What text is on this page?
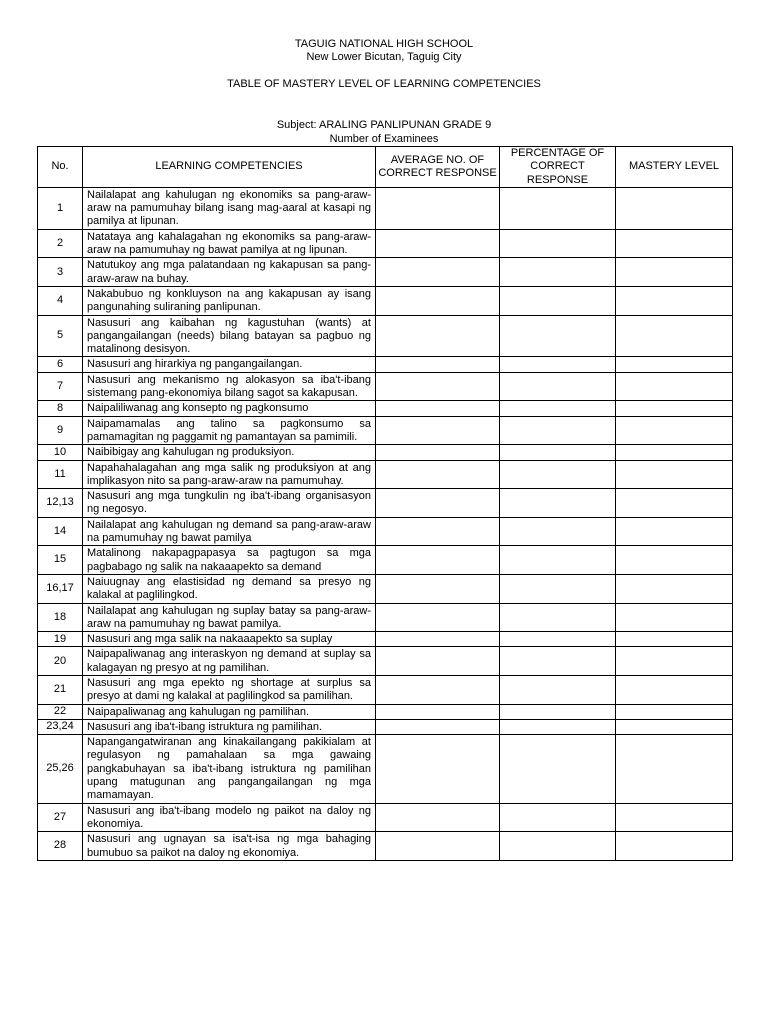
TAGUIG NATIONAL HIGH SCHOOL
New Lower Bicutan, Taguig City
TABLE OF MASTERY LEVEL OF LEARNING COMPETENCIES
Subject: ARALING PANLIPUNAN GRADE 9
Number of Examinees
No.	LEARNING COMPETENCIES	AVERAGE NO. OF CORRECT RESPONSE	PERCENTAGE OF CORRECT RESPONSE	MASTERY LEVEL
1	Nailalapat ang kahulugan ng ekonomiks sa pang-araw-araw na pamumuhay bilang isang mag-aaral at kasapi ng pamilya at lipunan.			
2	Natataya ang kahalagahan ng ekonomiks sa pang-araw-araw na pamumuhay ng bawat pamilya at ng lipunan.			
3	Natutukoy ang mga palatandaan ng kakapusan sa pang-araw-araw na buhay.			
4	Nakabubuo ng konkluyson na ang kakapusan ay isang pangunahing suliraning panlipunan.			
5	Nasusuri ang kaibahan ng kagustuhan (wants) at pangangailangan (needs) bilang batayan sa pagbuo ng matalinong desisyon.			
6	Nasusuri ang hirarkiya ng pangangailangan.			
7	Nasusuri ang mekanismo ng alokasyon sa iba't-ibang sistemang pang-ekonomiya bilang sagot sa kakapusan.			
8	Naipaliliwanag ang konsepto ng pagkonsumo			
9	Naipamamalas ang talino sa pagkonsumo sa pamamagitan ng paggamit ng pamantayan sa pamimili.			
10	Naibibigay ang kahulugan ng produksiyon.			
11	Napahahalagahan ang mga salik ng produksiyon at ang implikasyon nito sa pang-araw-araw na pamumuhay.			
12,13	Nasusuri ang mga tungkulin ng iba't-ibang organisasyon ng negosyo.			
14	Nailalapat ang kahulugan ng demand sa pang-araw-araw na pamumuhay ng bawat pamilya			
15	Matalinong nakapagpapasya sa pagtugon sa mga pagbabago ng salik na nakaaapekto sa demand			
16,17	Naiuugnay ang elastisidad ng demand sa presyo ng kalakal at paglilingkod.			
18	Nailalapat ang kahulugan ng suplay batay sa pang-araw-araw na pamumuhay ng bawat pamilya.			
19	Nasusuri ang mga salik na nakaaapekto sa suplay			
20	Naipapaliwanag ang interaskyon ng demand at suplay sa kalagayan ng presyo at ng pamilihan.			
21	Nasusuri ang mga epekto ng shortage at surplus sa presyo at dami ng kalakal at paglilingkod sa pamilihan.			
22	Naipapaliwanag ang kahulugan ng pamilihan.			
23,24	Nasusuri ang iba't-ibang istruktura ng pamilihan.			
25,26	Napangangatwiranan ang kinakailangang pakikialam at regulasyon ng pamahalaan sa mga gawaing pangkabuhayan sa iba't-ibang istruktura ng pamilihan upang matugunan ang pangangailangan ng mga mamamayan.			
27	Nasusuri ang iba't-ibang modelo ng paikot na daloy ng ekonomiya.			
28	Nasusuri ang ugnayan sa isa't-isa ng mga bahaging bumubuo sa paikot na daloy ng ekonomiya.			
